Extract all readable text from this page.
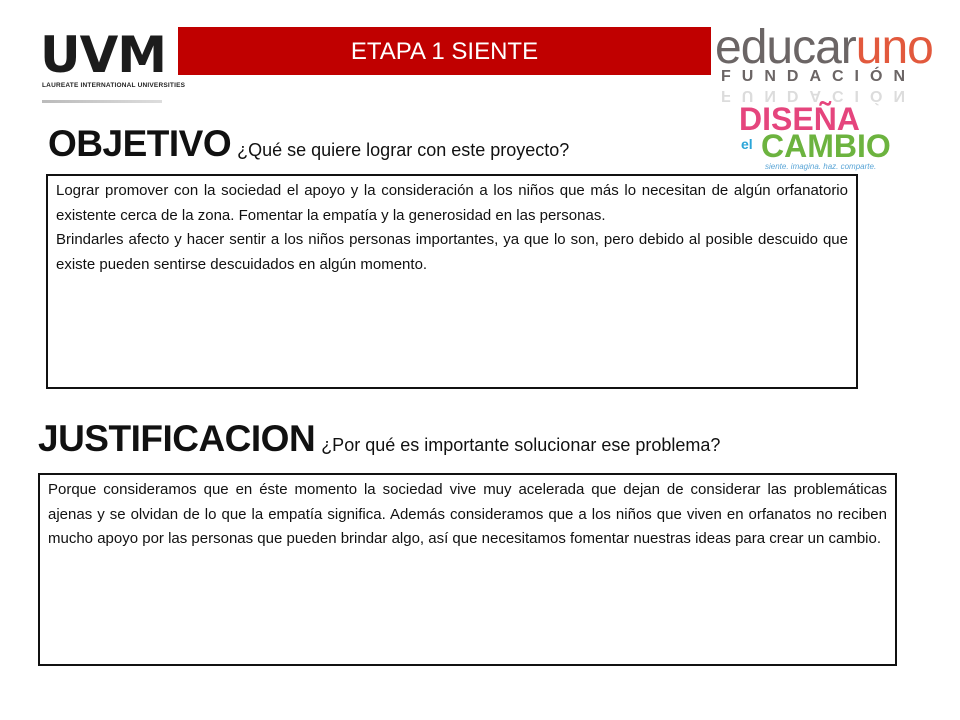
UVM
LAUREATE INTERNATIONAL UNIVERSITIES
ETAPA 1 SIENTE	educaruno
FUNDACIÓN
FUNDACIÓN
DISEÑA
el CAMBIO
siente. imagina. haz. comparte.
OBJETIVO ¿Qué se quiere lograr con este proyecto?

Lograr promover con la sociedad el apoyo y la consideración a los niños que más lo necesitan de algún orfanatorio existente cerca de la zona. Fomentar la empatía y la generosidad en las personas.

Brindarles afecto y hacer sentir a los niños personas importantes, ya que lo son, pero debido al posible descuido que existe pueden sentirse descuidados en algún momento.

JUSTIFICACION ¿Por qué es importante solucionar ese problema?

Porque consideramos que en éste momento la sociedad vive muy acelerada que dejan de considerar las problemáticas ajenas y se olvidan de lo que la empatía significa. Además consideramos que a los niños que viven en orfanatos no reciben mucho apoyo por las personas que pueden brindar algo, así que necesitamos fomentar nuestras ideas para crear un cambio.
